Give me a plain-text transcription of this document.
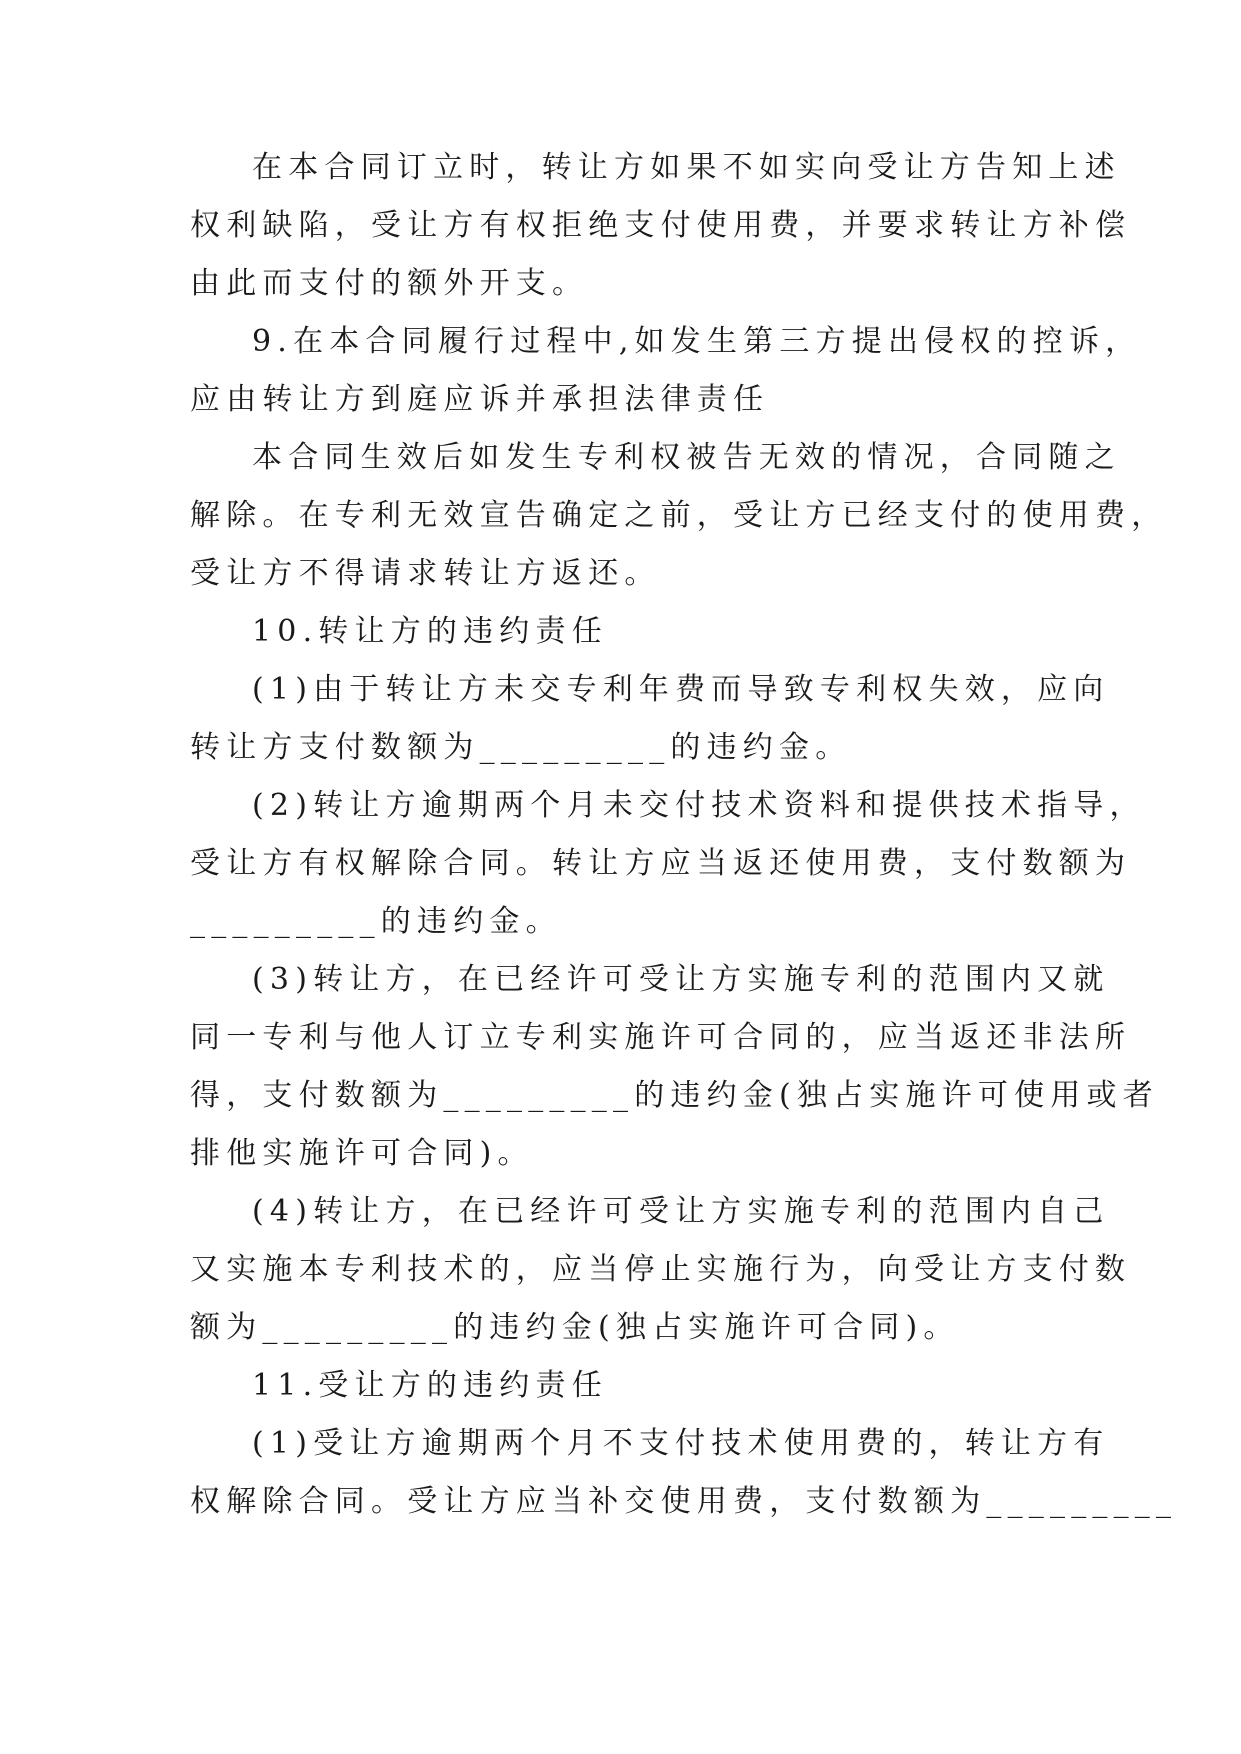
在本合同订立时，转让方如果不如实向受让方告知上述
权利缺陷，受让方有权拒绝支付使用费，并要求转让方补偿
由此而支付的额外开支。
9.在本合同履行过程中,如发生第三方提出侵权的控诉，
应由转让方到庭应诉并承担法律责任
本合同生效后如发生专利权被告无效的情况，合同随之
解除。在专利无效宣告确定之前，受让方已经支付的使用费，
受让方不得请求转让方返还。
10.转让方的违约责任
(1)由于转让方未交专利年费而导致专利权失效，应向
转让方支付数额为_________的违约金。
(2)转让方逾期两个月未交付技术资料和提供技术指导，
受让方有权解除合同。转让方应当返还使用费，支付数额为
_________的违约金。
(3)转让方，在已经许可受让方实施专利的范围内又就
同一专利与他人订立专利实施许可合同的，应当返还非法所
得，支付数额为_________的违约金(独占实施许可使用或者
排他实施许可合同)。
(4)转让方，在已经许可受让方实施专利的范围内自己
又实施本专利技术的，应当停止实施行为，向受让方支付数
额为_________的违约金(独占实施许可合同)。
11.受让方的违约责任
(1)受让方逾期两个月不支付技术使用费的，转让方有
权解除合同。受让方应当补交使用费，支付数额为_________
